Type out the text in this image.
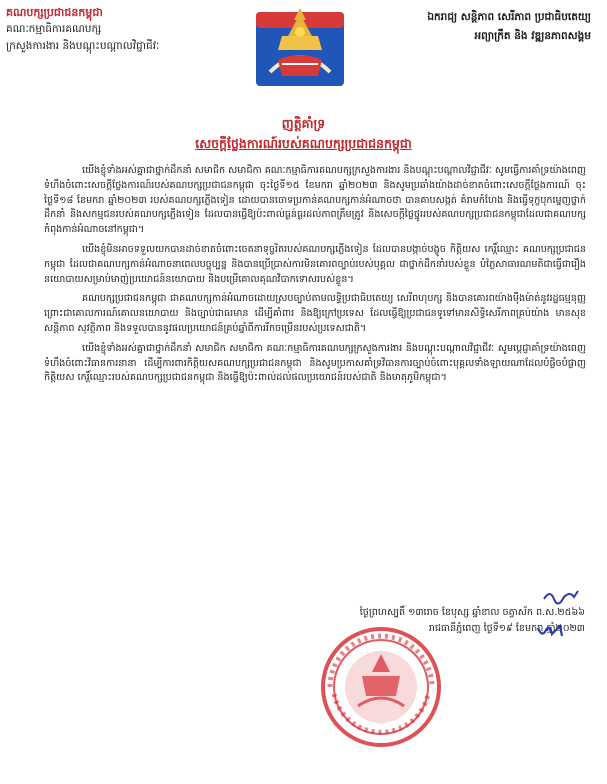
គណបក្សប្រជាជនកម្ពុជា
គណៈកម្មាធិការគណបក្ស
ក្រសួងការងារ និងបណ្តុះបណ្តាលវិជ្ជាជីវៈ
ឯករាជ្យ សន្តិភាព សេរីភាព ប្រជាធិបតេយ្យ
អព្យាក្រឹត និង វឌ្ឍនភាពសង្គម
ញត្តិគាំទ្រ
សេចក្តីថ្លែងការណ៍របស់គណបក្សប្រជាជនកម្ពុជា

យើងខ្ញុំទាំងអស់គ្នាជាថ្នាក់ដឹកនាំ សមាជិក សមាជិកា គណៈកម្មាធិការគណបក្សក្រសួងការងារ និងបណ្តុះបណ្តាលវិជ្ជាជីវៈ សូមធ្វើការគាំទ្រយ៉ាងពេញទំហឹងចំពោះសេចក្តីថ្លែងការណ៍របស់គណបក្សប្រជាជនកម្ពុជា ចុះថ្ងៃទី១៥ ខែមករា ឆ្នាំ២០២៣ និងសូមប្រឆាំងយ៉ាងដាច់ខាតចំពោះសេចក្តីថ្លែងការណ៍ ចុះថ្ងៃទី១៨ ខែមករា ឆ្នាំ២០២៣ របស់គណបក្សភ្លើងទៀន ដោយបានចោទប្រកាន់គណបក្សកាន់អំណាចថា បានគាបសង្កត់ គំរាមកំហែង និងធ្វើទុក្ខបុកម្នេញថ្នាក់ដឹកនាំ និងសកម្មជនរបស់គណបក្សភ្លើងទៀន ដែលបានធ្វើឱ្យប៉ះពាល់ធ្ងន់ធ្ងរដល់ភាពត្រឹមត្រូវ និងសេចក្តីថ្លៃថ្នូររបស់គណបក្សប្រជាជនកម្ពុជាដែលជាគណបក្សកំពុងកាន់អំណាចនៅកម្ពុជា។

យើងខ្ញុំមិនអាចទទួលយកបានដាច់ខាតចំពោះចេតនាទុច្ចរិតរបស់គណបក្សភ្លើងទៀន ដែលបានបង្កាច់បង្ខូច កិត្តិយស កេរ្តិ៍ឈ្មោះ គណបក្សប្រជាជនកម្ពុជា ដែលជាគណបក្សកាន់អំណាចនាពេលបច្ចុប្បន្ន និងបានប្រើប្រាស់ការមិនគោរពច្បាប់របស់បុគ្គល ជាថ្នាក់ដឹកនាំរបស់ខ្លួន បំភ្លៃសាធារណមតិជាធ្វើជារឿងនយោបាយសម្រាប់មាញ់ប្រយោជន៍នយោបាយ និងបម្រើគោលគុណវិបាកទោសរបស់ខ្លួន។

គណបក្សប្រជាជនកម្ពុជា ជាគណបក្សកាន់អំណាចដោយស្របច្បាប់តាមលទ្ធិប្រជាធិបតេយ្យ សេរីពហុបក្ស និងបានគោរពយ៉ាងម៉ឺងម៉ាត់នូវរដ្ឋធម្មនុញ្ញ ព្រោះជាគោលការណ៍គោលនយោបាយ និងច្បាប់ជាធរមាន ដើម្បីគាំពារ និងឱ្យក្រៅប្រទេស ដែលធ្វើឱ្យប្រជាជនទូទៅមានសិទ្ធិសេរីភាពគ្រប់យ៉ាង មានសុខសន្តិភាព សុវត្ថិភាព និងទទួលបាននូវផលប្រយោជន៍គ្រប់ឆ្នាំពីការរីកចម្រើនរបស់ប្រទេសជាតិ។

យើងខ្ញុំទាំងអស់គ្នាជាថ្នាក់ដឹកនាំ សមាជិក សមាជិកា គណៈកម្មាធិការគណបក្សក្រសួងការងារ និងបណ្តុះបណ្តាលវិជ្ជាជីវៈ សូមប្តេជ្ញាគាំទ្រយ៉ាងពេញទំហឹងចំពោះវិធានការនានា ដើម្បីការពារកិត្តិយសគណបក្សប្រជាជនកម្ពុជា និងសូមប្រកាសគាំទ្រវិធានការច្បាប់ចំពោះបុគ្គលទាំងឡាយណាដែលបំផ្លិចបំផ្លាញកិត្តិយស កេរ្តិ៍ឈ្មោះរបស់គណបក្សប្រជាជនកម្ពុជា និងធ្វើឱ្យប៉ះពាល់ដល់ផលប្រយោជន៍របស់ជាតិ និងមាតុភូមិកម្ពុជា។

ថ្ងៃព្រហស្បតិ៍ ១៣រោច ខែបុស្ស ឆ្នាំខាល ចត្វាស័ក ព.ស.២៥៦៦
រាជធានីភ្នំពេញ ថ្ងៃទី១៩ ខែមករា ឆ្នាំ២០២៣
